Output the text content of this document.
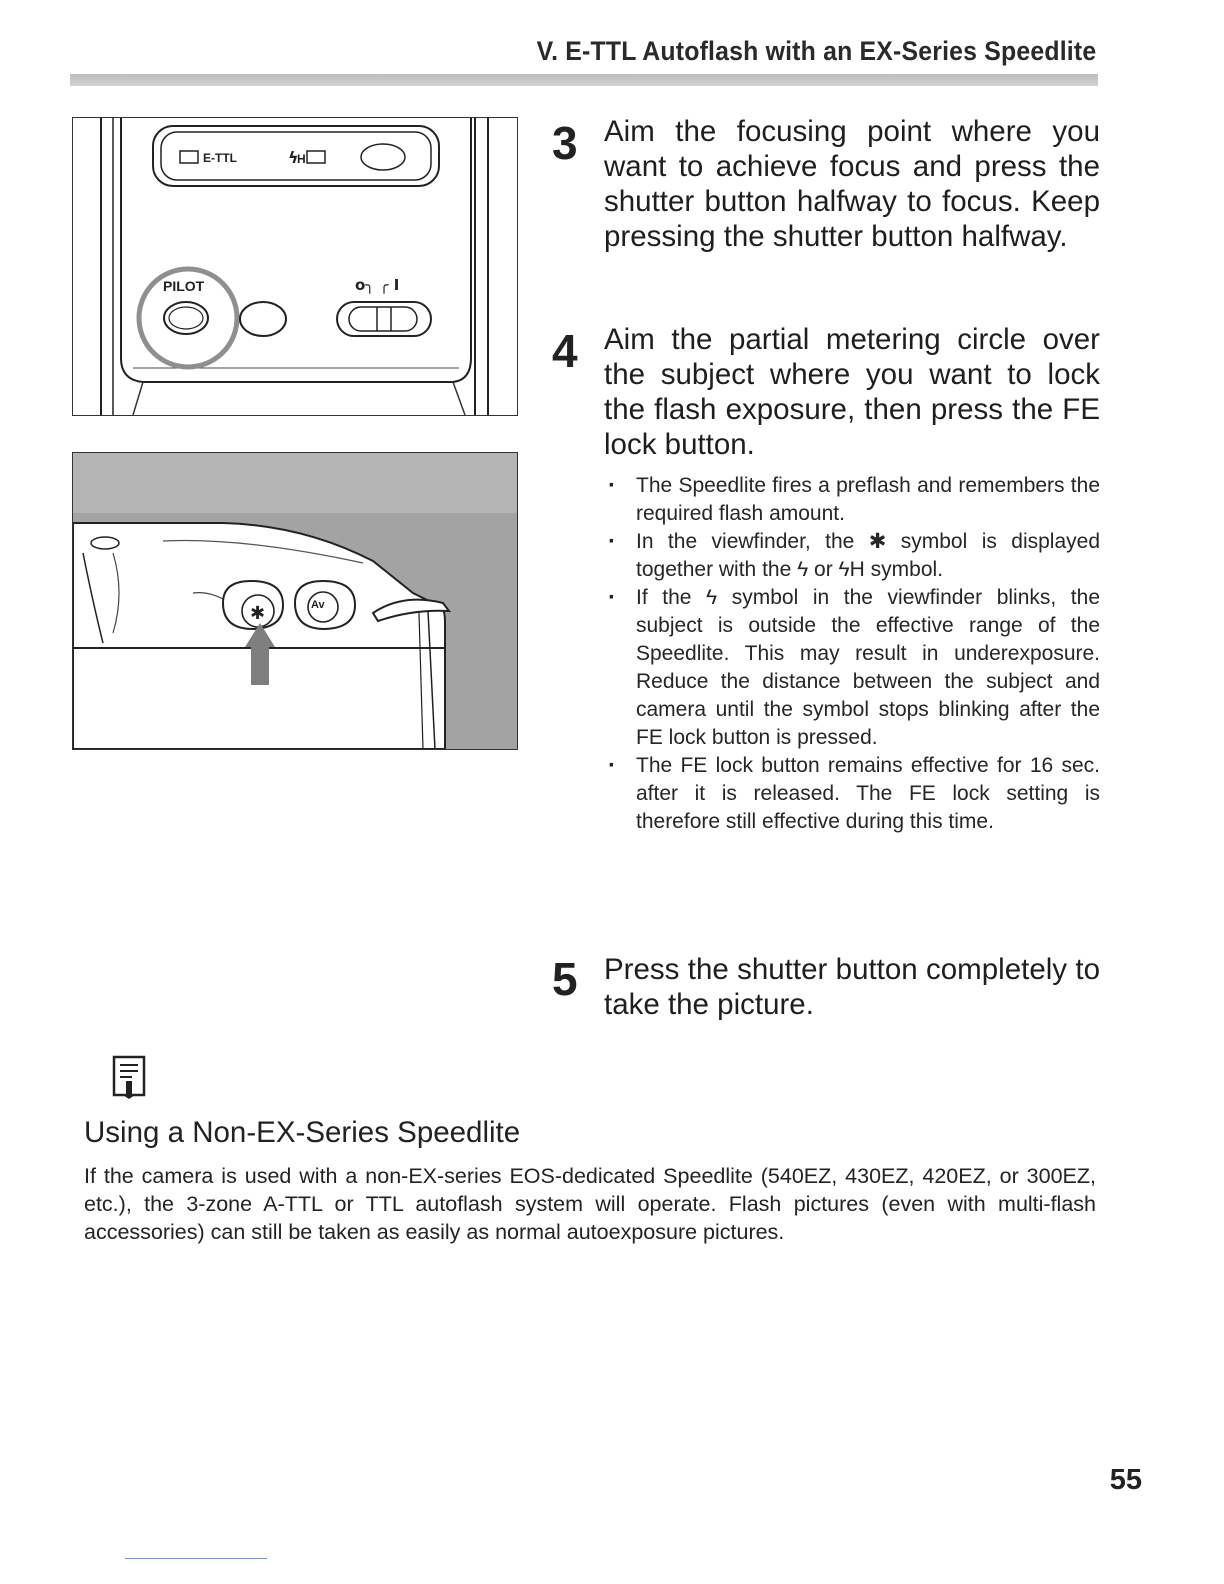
V. E-TTL Autoflash with an EX-Series Speedlite
E-TTL	ϟ
H
PILOT	o╮ ╭ I
✱	Av
3 Aim the focusing point where you want to achieve focus and press the shutter button halfway to focus. Keep pressing the shutter button halfway.
4 Aim the partial metering circle over the subject where you want to lock the flash exposure, then press the FE lock button.
· The Speedlite fires a preflash and remembers the required flash amount.
· In the viewfinder, the ✱ symbol is displayed together with the ϟ or ϟH symbol.
· If the ϟ symbol in the viewfinder blinks, the subject is outside the effective range of the Speedlite. This may result in underexposure. Reduce the distance between the subject and camera until the symbol stops blinking after the FE lock button is pressed.
· The FE lock button remains effective for 16 sec. after it is released. The FE lock setting is therefore still effective during this time.
5 Press the shutter button completely to take the picture.
Using a Non-EX-Series Speedlite
If the camera is used with a non-EX-series EOS-dedicated Speedlite (540EZ, 430EZ, 420EZ, or 300EZ, etc.), the 3-zone A-TTL or TTL autoflash system will operate. Flash pictures (even with multi-flash accessories) can still be taken as easily as normal autoexposure pictures.
55
